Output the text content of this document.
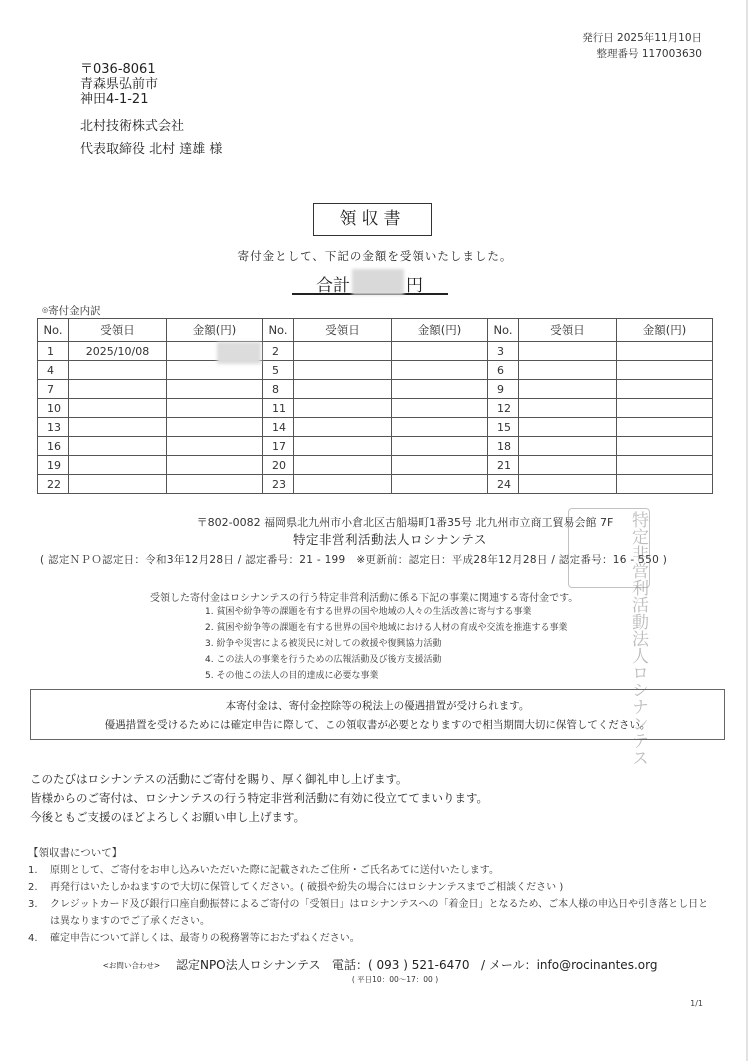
発行日 2025年11月10日
整理番号 117003630
〒036-8061
青森県弘前市
神田4-1-21
北村技術株式会社
代表取締役 北村 達雄 様
領収書
寄付金として、下記の金額を受領いたしました。
合計	円
◎寄付金内訳
No.	受領日	金額(円)	No.	受領日	金額(円)	No.	受領日	金額(円)
1	2025/10/08		2			3		
4			5			6		
7			8			9		
10			11			12		
13			14			15		
16			17			18		
19			20			21		
22			23			24		
〒802-0082 福岡県北九州市小倉北区古船場町1番35号 北九州市立商工貿易会館 7F
特定非営利活動法人ロシナンテス
( 認定ＮＰＯ認定日：令和3年12月28日 / 認定番号：21 - 199　※更新前：認定日：平成28年12月28日 / 認定番号：16 - 550 )
特定非営利活動法人ロシナンテス
受領した寄付金はロシナンテスの行う特定非営利活動に係る下記の事業に関連する寄付金です。
1. 貧困や紛争等の課題を有する世界の国や地域の人々の生活改善に寄与する事業
2. 貧困や紛争等の課題を有する世界の国や地域における人材の育成や交流を推進する事業
3. 紛争や災害による被災民に対しての救援や復興協力活動
4. この法人の事業を行うための広報活動及び後方支援活動
5. その他この法人の目的達成に必要な事業
本寄付金は、寄付金控除等の税法上の優遇措置が受けられます。
優遇措置を受けるためには確定申告に際して、この領収書が必要となりますので相当期間大切に保管してください。
このたびはロシナンテスの活動にご寄付を賜り、厚く御礼申し上げます。
皆様からのご寄付は、ロシナンテスの行う特定非営利活動に有効に役立ててまいります。
今後ともご支援のほどよろしくお願い申し上げます。
【領収書について】
1. 原則として、ご寄付をお申し込みいただいた際に記載されたご住所・ご氏名あてに送付いたします。
2. 再発行はいたしかねますので大切に保管してください。( 破損や紛失の場合にはロシナンテスまでご相談ください )
3. クレジットカード及び銀行口座自動振替によるご寄付の「受領日」はロシナンテスへの「着金日」となるため、ご本人様の申込日や引き落とし日とは異なりますのでご了承ください。
4. 確定申告について詳しくは、最寄りの税務署等におたずねください。
<お問い合わせ> 認定NPO法人ロシナンテス 電話：( 093 ) 521-6470 / メール：info@rocinantes.org
( 平日10：00～17：00 )
1/1
